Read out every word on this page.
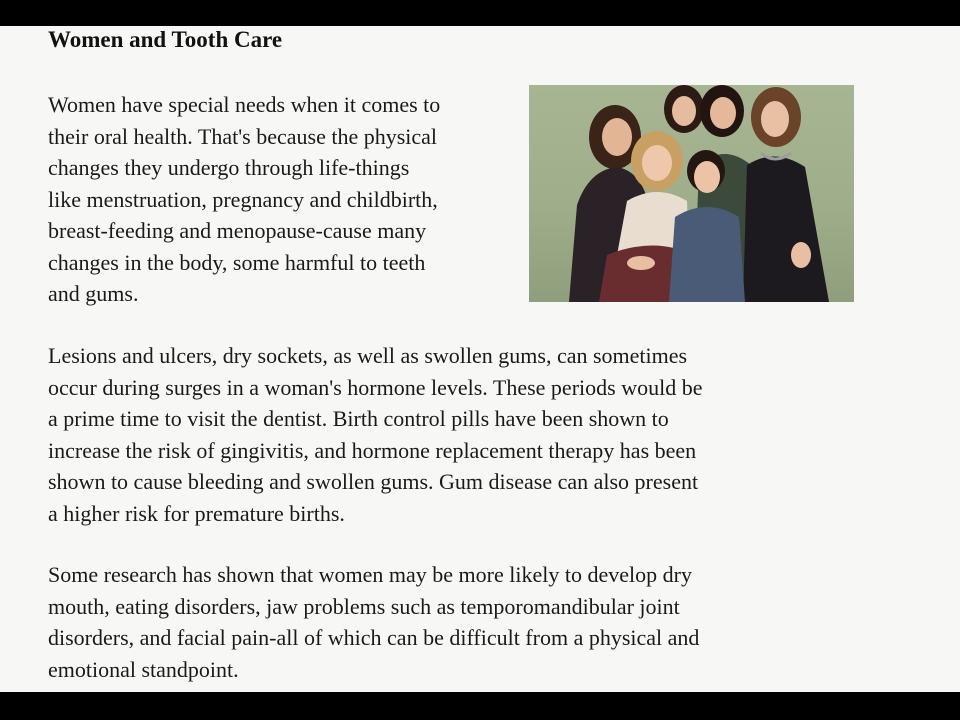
Women and Tooth Care
Women have special needs when it comes to
their oral health. That's because the physical
changes they undergo through life-things
like menstruation, pregnancy and childbirth,
breast-feeding and menopause-cause many
changes in the body, some harmful to teeth
and gums.
Lesions and ulcers, dry sockets, as well as swollen gums, can sometimes
occur during surges in a woman's hormone levels. These periods would be
a prime time to visit the dentist. Birth control pills have been shown to
increase the risk of gingivitis, and hormone replacement therapy has been
shown to cause bleeding and swollen gums. Gum disease can also present
a higher risk for premature births.
Some research has shown that women may be more likely to develop dry
mouth, eating disorders, jaw problems such as temporomandibular joint
disorders, and facial pain-all of which can be difficult from a physical and
emotional standpoint.
